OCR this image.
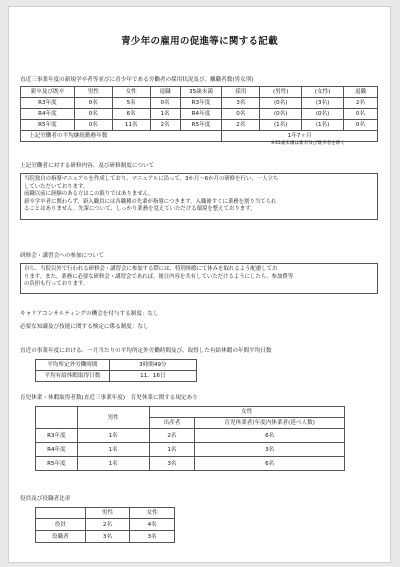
青少年の雇用の促進等に関する記載
直近三事業年度の新規学卒者等並びに青少年である労働者の採用状況及び、離職者数(男女別)
新卒及び既卒	男性	女性	退職	35歳未満	採用	(男性)	(女性)	退職
R3年度	0名	5名	0名	R3年度	3名	(0名)	(3名)	2名
R4年度	0名	6名	1名	R4年度	0名	(0名)	(0名)	0名
R5年度	0名	11名	2名	R5年度	2名	(1名)	(1名)	0名
上記労働者の平均継続勤務年数					1年7ヶ月			
※35歳未満は新卒及び既卒者を除く
上記労働者に対する研修内容、及び研修制度について
当院独自の指導マニュアルを作成しており、マニュアルに沿って、3か月〜6か月の研修を行い、一人立ち
していただいております。
前職以前に経験のある方はこの限りではありません。
新卒学卒者に関わらず、新入職員には各職種の先輩が指導につきます。入職後すぐに業務を割り当てられ
ることはありません。先輩について、しっかり業務を覚えていただける環境を整えております。
研修会・講習会への参加について
自ら、当院以外で行われる研修会・講習会に参加する際には、特別休暇にて休みを取れるよう配慮してお
ります。また、業務に必要な研修会・講習会であれば、後日内容を共有していただけるようにしたら、参加費等
の負担も行っております。
キャリアコンサルティングの機会を付与する制度：なし
必要な知識及び技能に関する検定に係る制度：なし
直近の事業年度における、一月当たりの平均所定外労働時間及び、取得した有給休暇の年間平均日数
平均所定外労働時間	3時間49分
平均有給休暇取得日数	11．16日
育児休業・休暇取得者数(直近三事業年度)　育児休業に関する規定あり
	男性	女性	
		出産者	育児休業者(年度内休業者(延べ人数)
R3年度	1名	2名	6名
R4年度	1名	1名	3名
R5年度	1名	3名	6名
役員及び役職者比率
	男性	女性
役員	2名	4名
役職者	3名	3名
